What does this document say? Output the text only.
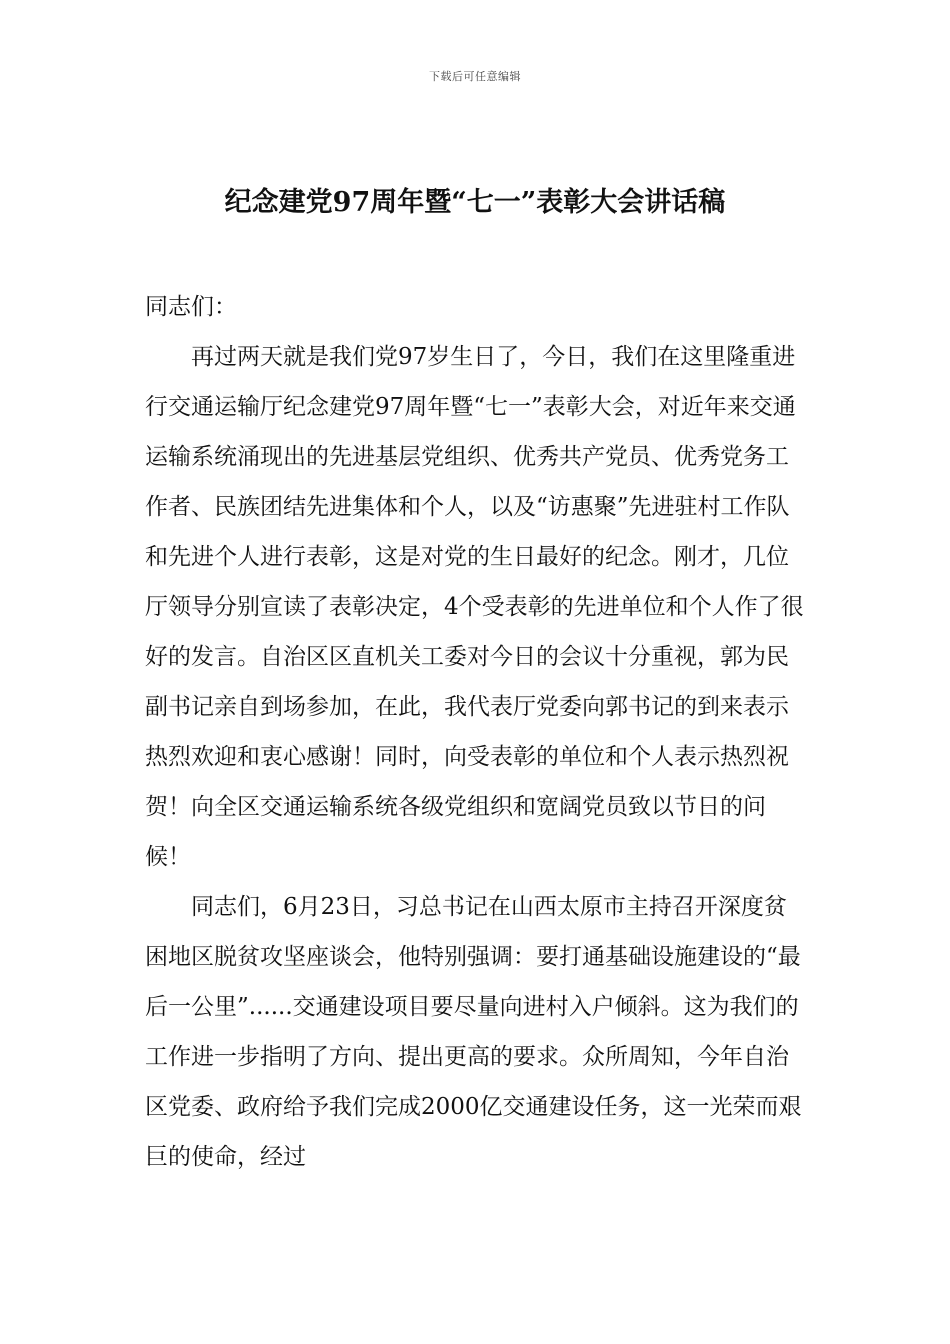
下载后可任意编辑
纪念建党97周年暨“七一”表彰大会讲话稿

同志们：

再过两天就是我们党97岁生日了，今日，我们在这里隆重进行交通运输厅纪念建党97周年暨“七一”表彰大会，对近年来交通运输系统涌现出的先进基层党组织、优秀共产党员、优秀党务工作者、民族团结先进集体和个人，以及“访惠聚”先进驻村工作队和先进个人进行表彰，这是对党的生日最好的纪念。刚才，几位厅领导分别宣读了表彰决定，4个受表彰的先进单位和个人作了很好的发言。自治区区直机关工委对今日的会议十分重视，郭为民副书记亲自到场参加，在此，我代表厅党委向郭书记的到来表示热烈欢迎和衷心感谢！同时，向受表彰的单位和个人表示热烈祝贺！向全区交通运输系统各级党组织和宽阔党员致以节日的问候！

同志们，6月23日，习总书记在山西太原市主持召开深度贫困地区脱贫攻坚座谈会，他特别强调：要打通基础设施建设的“最后一公里”......交通建设项目要尽量向进村入户倾斜。这为我们的工作进一步指明了方向、提出更高的要求。众所周知，今年自治区党委、政府给予我们完成2000亿交通建设任务，这一光荣而艰巨的使命，经过
